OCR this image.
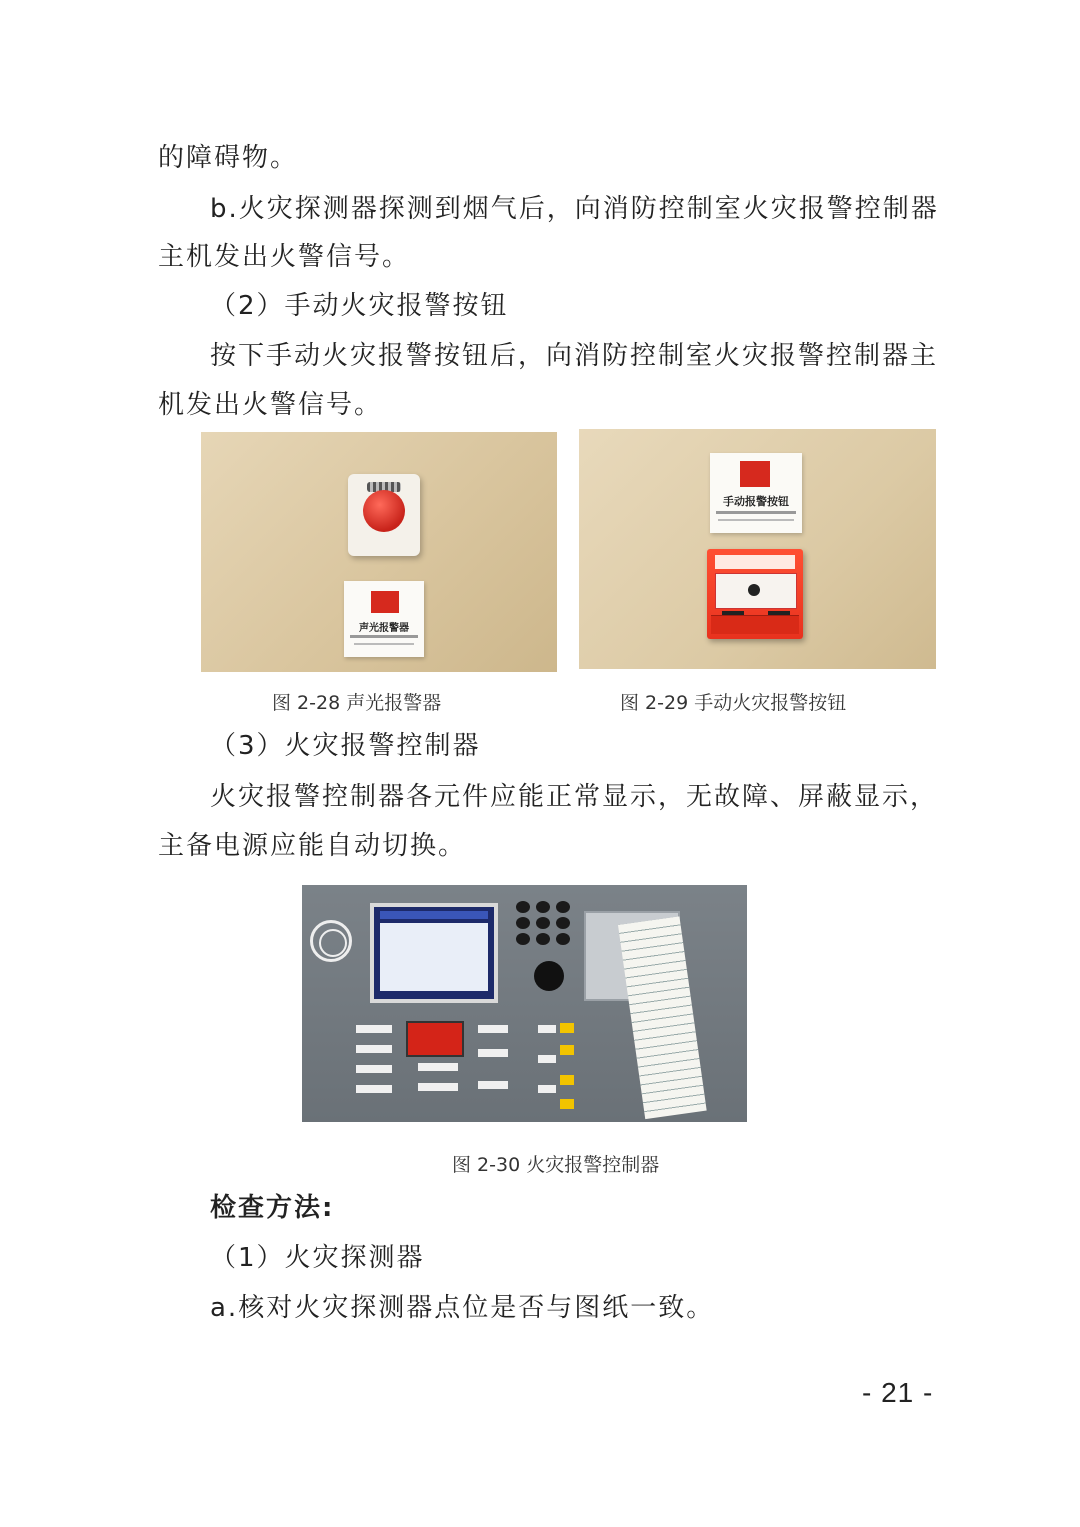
的障碍物。
b.火灾探测器探测到烟气后，向消防控制室火灾报警控制器
主机发出火警信号。
（2）手动火灾报警按钮
按下手动火灾报警按钮后，向消防控制室火灾报警控制器主
机发出火警信号。
声光报警器
手动报警按钮
图 2-28 声光报警器	图 2-29 手动火灾报警按钮
（3）火灾报警控制器
火灾报警控制器各元件应能正常显示，无故障、屏蔽显示，
主备电源应能自动切换。
图 2-30 火灾报警控制器
检查方法:
（1）火灾探测器
a.核对火灾探测器点位是否与图纸一致。
- 21 -
